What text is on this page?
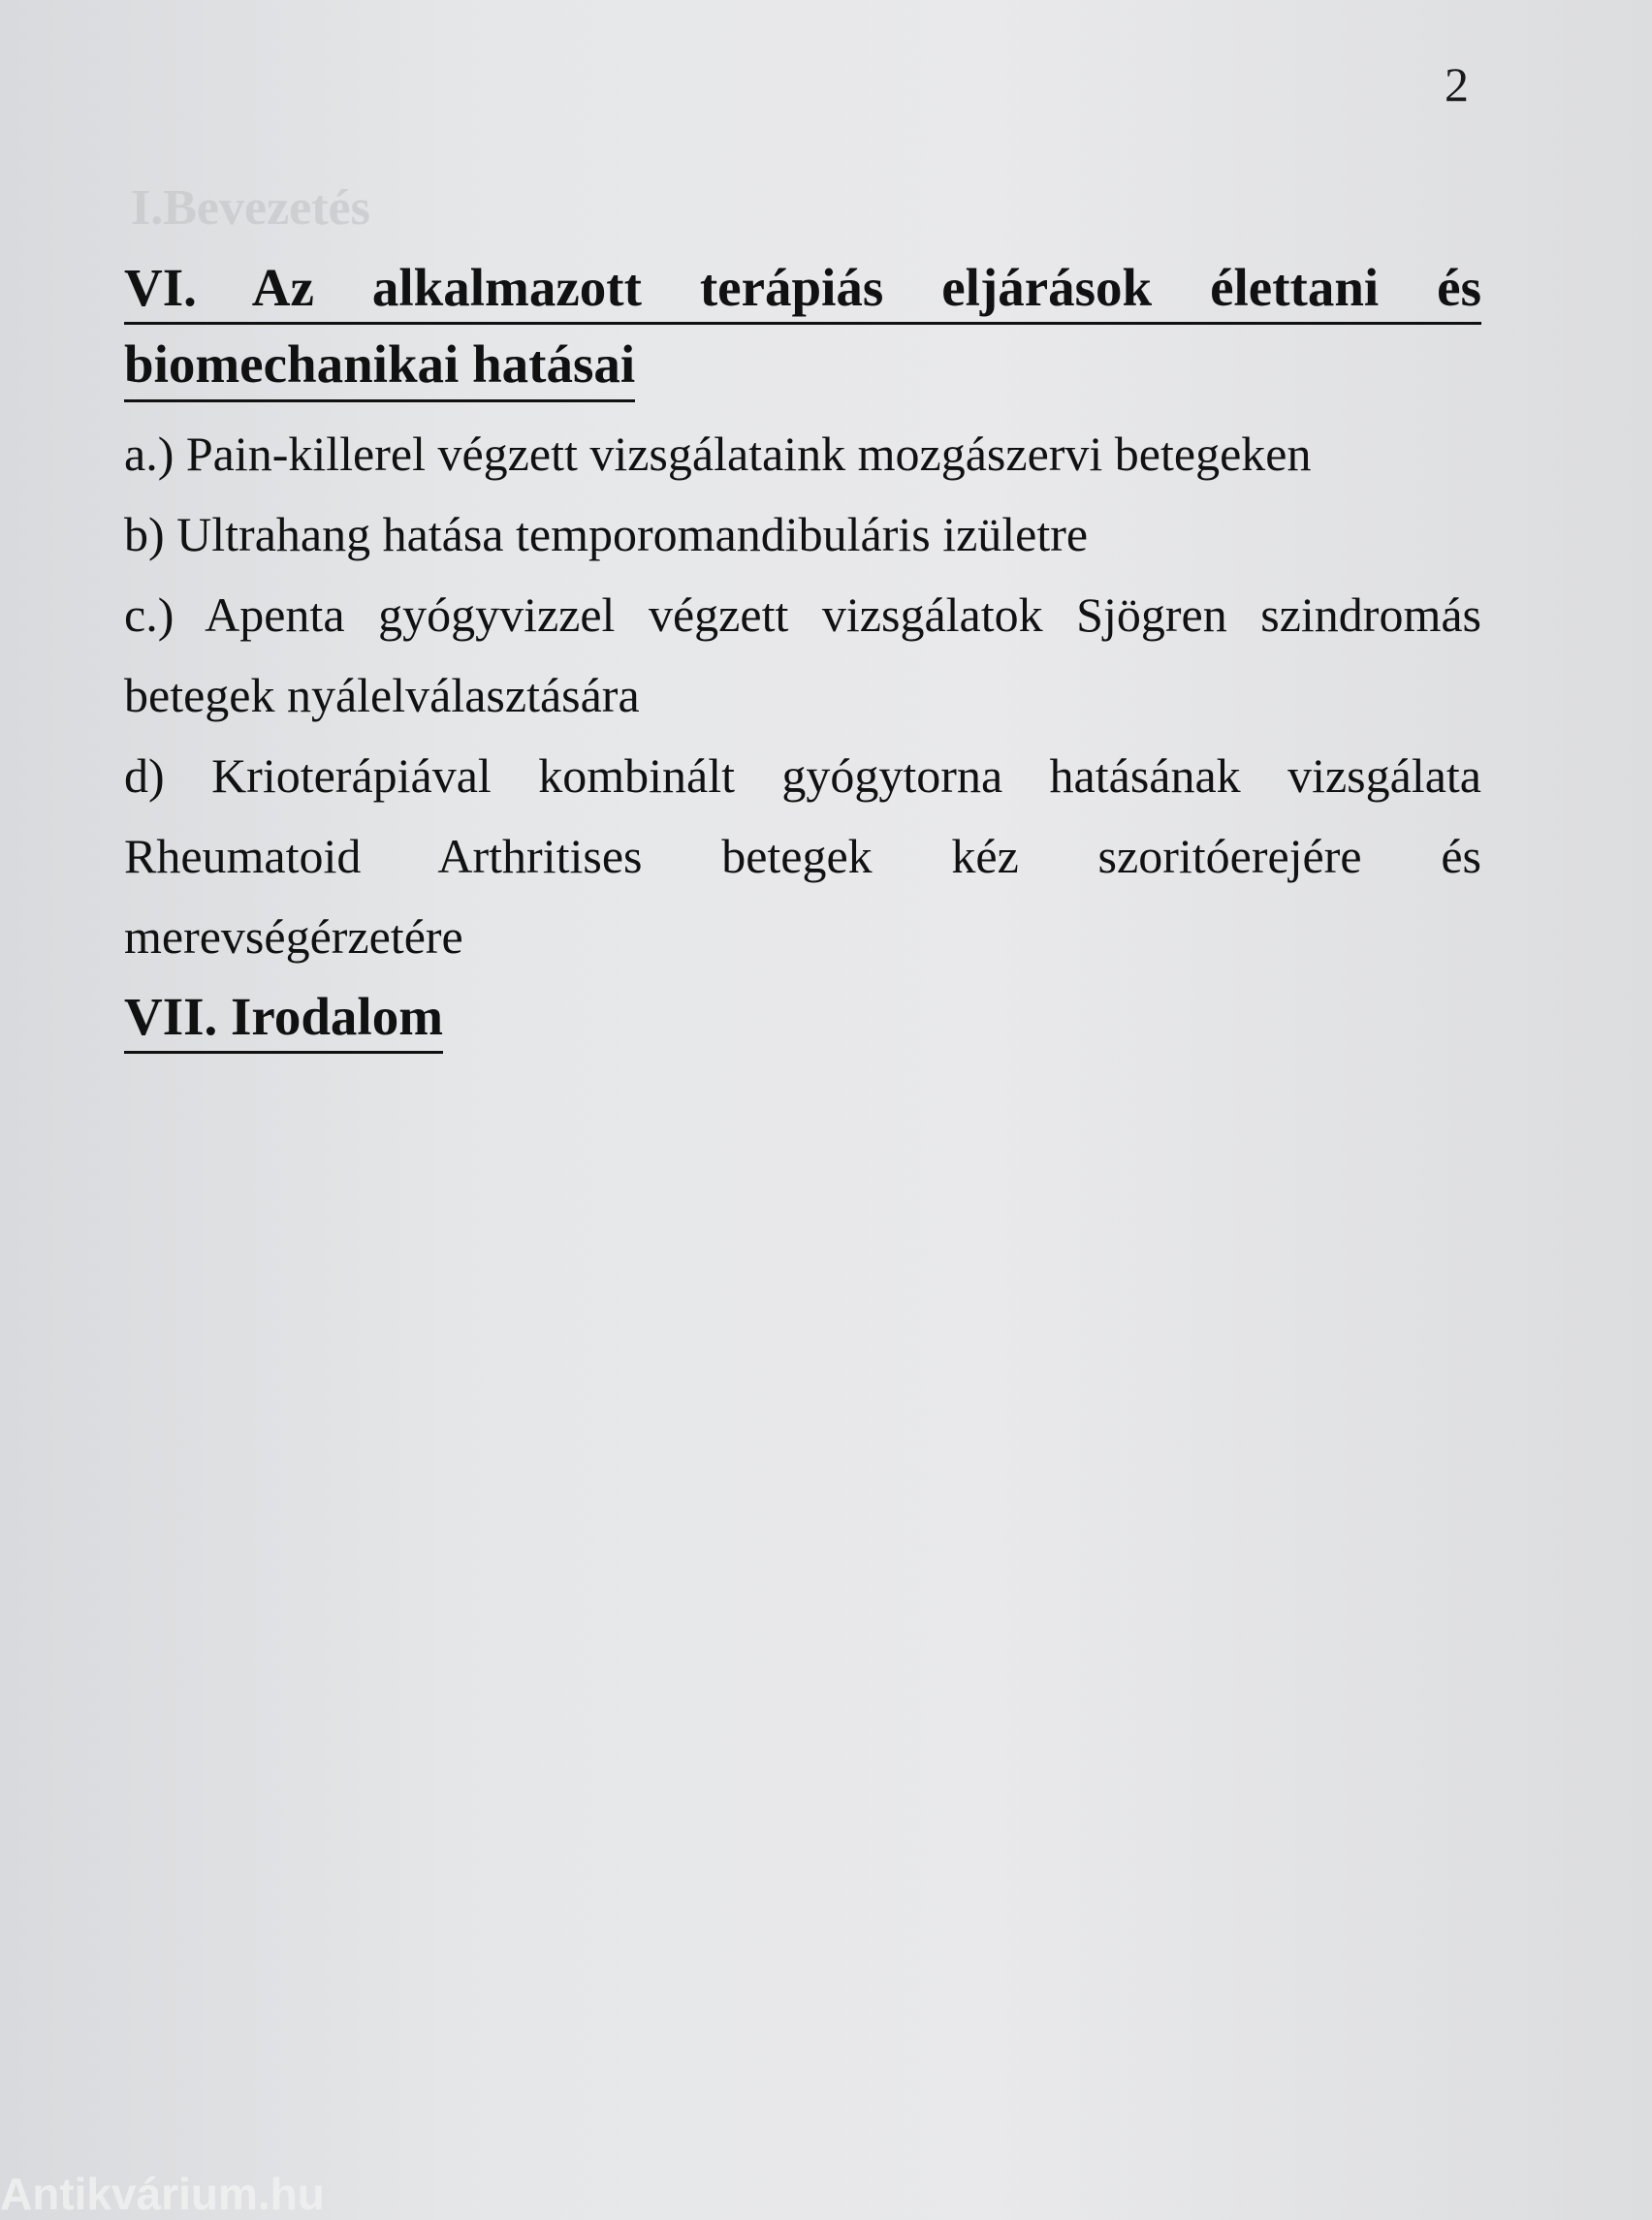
I.Bevezetés
2
VI. Az alkalmazott terápiás eljárások élettani és
biomechanikai hatásai

a.) Pain-killerel végzett vizsgálataink mozgászervi betegeken

b) Ultrahang hatása temporomandibuláris izületre

c.) Apenta gyógyvizzel végzett vizsgálatok Sjögren szindromás
betegek nyálelválasztására

d) Krioterápiával kombinált gyógytorna hatásának vizsgálata
Rheumatoid Arthritises betegek kéz szoritóerejére és
merevségérzetére

VII. Irodalom
Antikvárium.hu
